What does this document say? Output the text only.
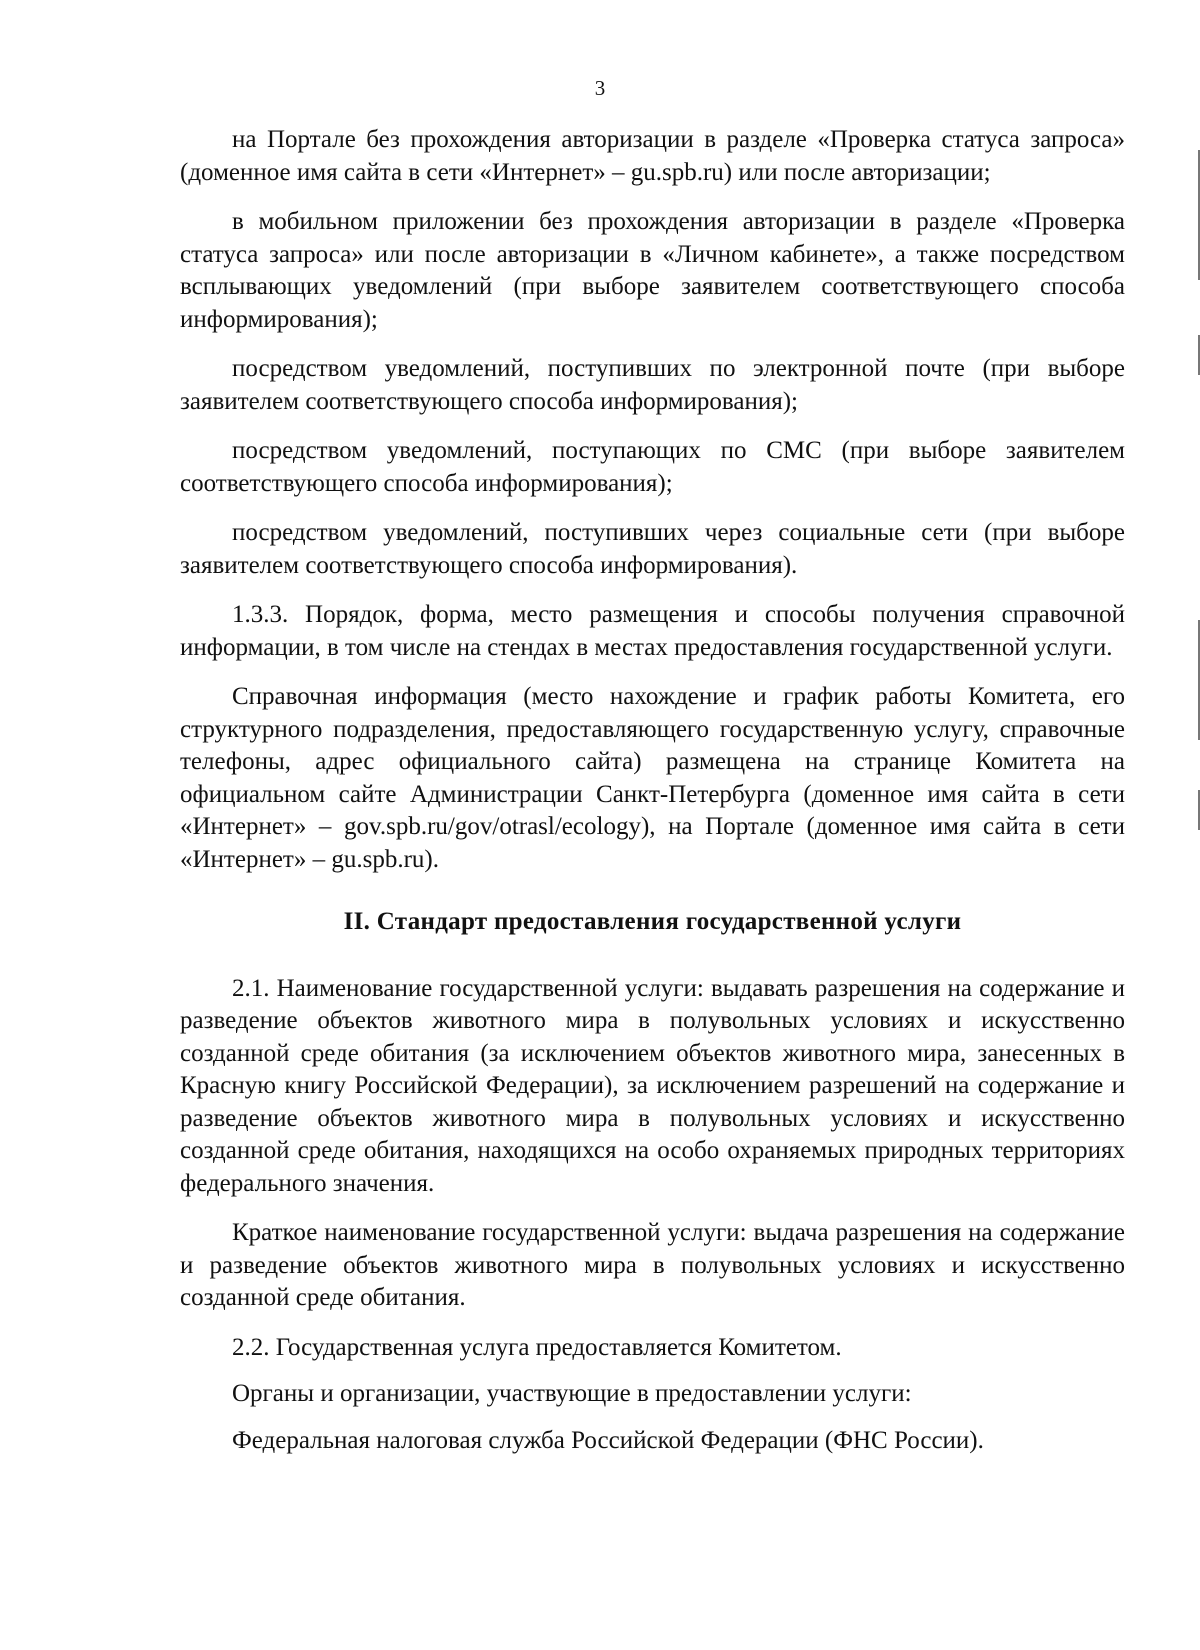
3

на Портале без прохождения авторизации в разделе «Проверка статуса запроса» (доменное имя сайта в сети «Интернет» – gu.spb.ru) или после авторизации;

в мобильном приложении без прохождения авторизации в разделе «Проверка статуса запроса» или после авторизации в «Личном кабинете», а также посредством всплывающих уведомлений (при выборе заявителем соответствующего способа информирования);

посредством уведомлений, поступивших по электронной почте (при выборе заявителем соответствующего способа информирования);

посредством уведомлений, поступающих по СМС (при выборе заявителем соответствующего способа информирования);

посредством уведомлений, поступивших через социальные сети (при выборе заявителем соответствующего способа информирования).

1.3.3. Порядок, форма, место размещения и способы получения справочной информации, в том числе на стендах в местах предоставления государственной услуги.

Справочная информация (место нахождение и график работы Комитета, его структурного подразделения, предоставляющего государственную услугу, справочные телефоны, адрес официального сайта) размещена на странице Комитета на официальном сайте Администрации Санкт-Петербурга (доменное имя сайта в сети «Интернет» – gov.spb.ru/gov/otrasl/ecology), на Портале (доменное имя сайта в сети «Интернет» – gu.spb.ru).

II. Стандарт предоставления государственной услуги

2.1. Наименование государственной услуги: выдавать разрешения на содержание и разведение объектов животного мира в полувольных условиях и искусственно созданной среде обитания (за исключением объектов животного мира, занесенных в Красную книгу Российской Федерации), за исключением разрешений на содержание и разведение объектов животного мира в полувольных условиях и искусственно созданной среде обитания, находящихся на особо охраняемых природных территориях федерального значения.

Краткое наименование государственной услуги: выдача разрешения на содержание и разведение объектов животного мира в полувольных условиях и искусственно созданной среде обитания.

2.2. Государственная услуга предоставляется Комитетом.

Органы и организации, участвующие в предоставлении услуги:

Федеральная налоговая служба Российской Федерации (ФНС России).
